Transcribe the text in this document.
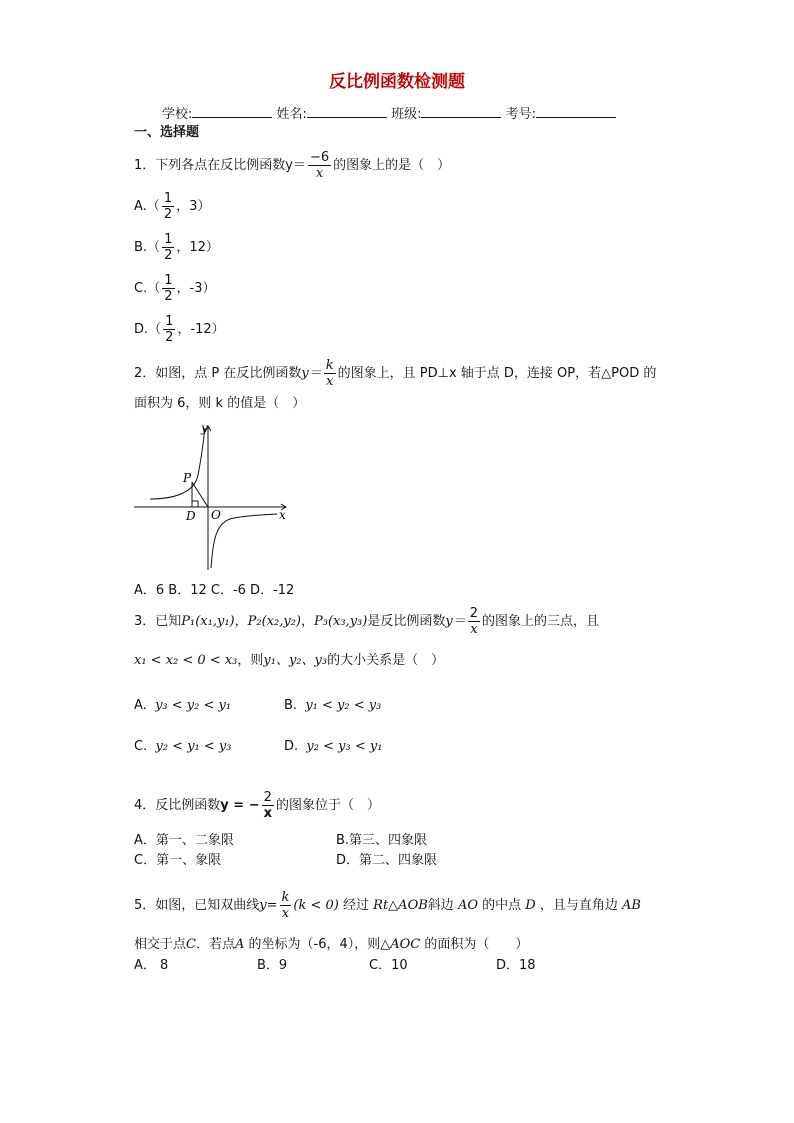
反比例函数检测题
学校:	姓名:	班级:	考号:
一、选择题
1．下列各点在反比例函数$y= \frac{-6}{x}$ 的图象上的是（　）
$A.( \frac{1}{2}$ ，3）
$B.( \frac{1}{2}$ ，12）
$C.( \frac{1}{2}$ ，-3）
$D.( \frac{1}{2}$ ，-12）
2．如图，点 P 在反比例函数$y= \frac{k}{x}$ 的图象上，且 PD⊥x 轴于点 D，连接 OP，若△POD 的
面积为 6，则 k 的值是（　）
y
x
P
D O
A．6 B．12 C．-6 D．-12
3．已知P₁(x₁,y₁)，P₂(x₂,y₂)，P₃(x₃,y₃)是反比例函数$y= \frac{2}{x}$ 的图象上的三点，且
x₁ < x₂ < 0 < x₃，则y₁、y₂、y₃的大小关系是（　）
A. y₃ < y₂ < y₁	B. y₁ < y₂ < y₃
C. y₂ < y₁ < y₃	D. y₂ < y₃ < y₁
4．反比例函数y = − $\frac{2}{x}$ 的图象位于（　）
A．第一、二象限	B.第三、四象限
C．第一、象限	D．第二、四象限
5．如图，已知双曲线$y= \frac{k}{x} (k < 0)$ 经过 Rt△AOB斜边 AO 的中点 D ，且与直角边 AB
相交于点C．若点A 的坐标为（-6，4），则△AOC 的面积为（　　）
A． 8	B．9	C．10	D．18
